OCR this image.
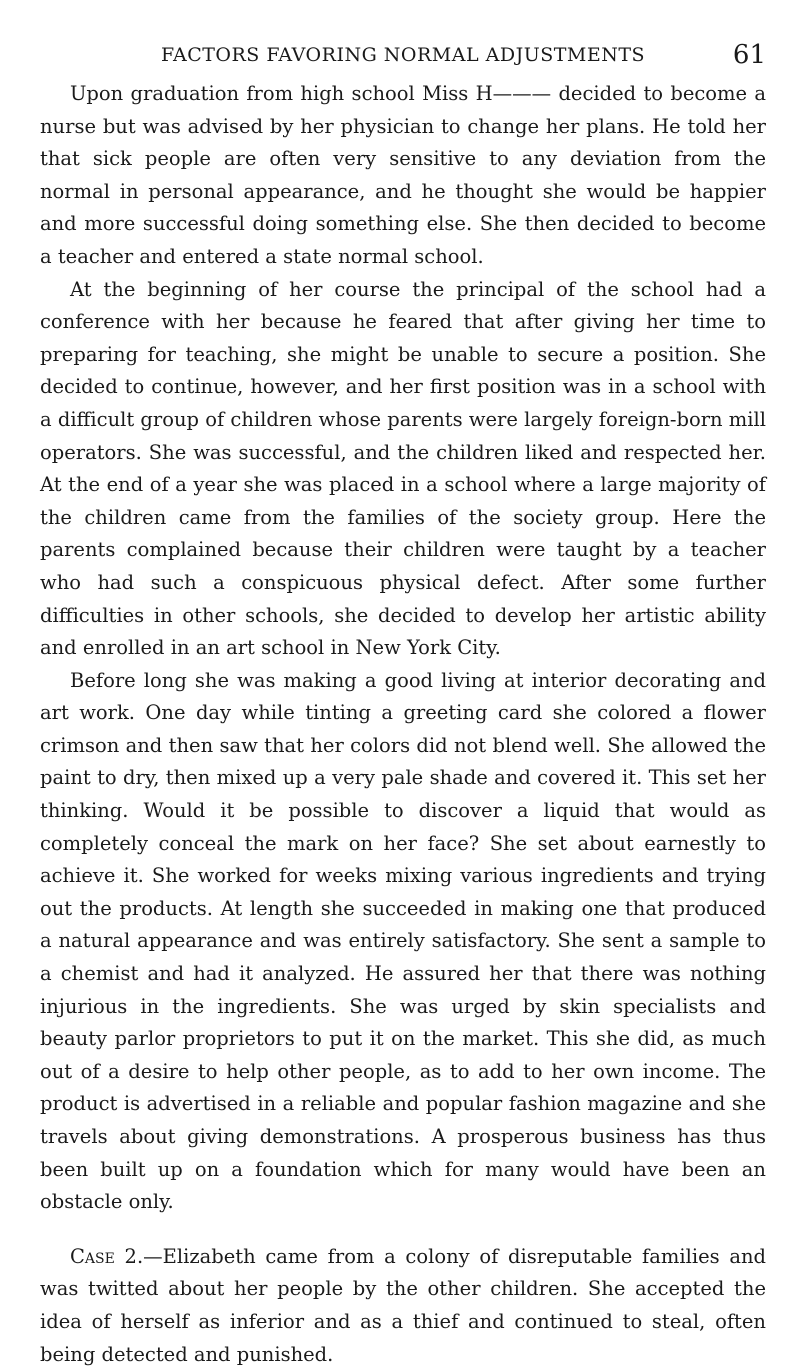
FACTORS FAVORING NORMAL ADJUSTMENTS	61

Upon graduation from high school Miss H——— decided to become a nurse but was advised by her physician to change her plans. He told her that sick people are often very sensitive to any deviation from the normal in personal appearance, and he thought she would be happier and more successful doing something else. She then decided to become a teacher and entered a state normal school.

At the beginning of her course the principal of the school had a conference with her because he feared that after giving her time to preparing for teaching, she might be unable to secure a position. She decided to continue, however, and her first position was in a school with a difficult group of children whose parents were largely foreign-born mill operators. She was successful, and the children liked and respected her. At the end of a year she was placed in a school where a large majority of the children came from the families of the society group. Here the parents complained because their children were taught by a teacher who had such a conspicuous physical defect. After some further difficulties in other schools, she decided to develop her artistic ability and enrolled in an art school in New York City.

Before long she was making a good living at interior decorating and art work. One day while tinting a greeting card she colored a flower crimson and then saw that her colors did not blend well. She allowed the paint to dry, then mixed up a very pale shade and covered it. This set her thinking. Would it be possible to discover a liquid that would as completely conceal the mark on her face? She set about earnestly to achieve it. She worked for weeks mixing various ingredients and trying out the products. At length she succeeded in making one that produced a natural appearance and was entirely satisfactory. She sent a sample to a chemist and had it analyzed. He assured her that there was nothing injurious in the ingredients. She was urged by skin specialists and beauty parlor proprietors to put it on the market. This she did, as much out of a desire to help other people, as to add to her own income. The product is advertised in a reliable and popular fashion magazine and she travels about giving demonstrations. A prosperous business has thus been built up on a foundation which for many would have been an obstacle only.

Case 2.—Elizabeth came from a colony of disreputable families and was twitted about her people by the other children. She accepted the idea of herself as inferior and as a thief and continued to steal, often being detected and punished.
